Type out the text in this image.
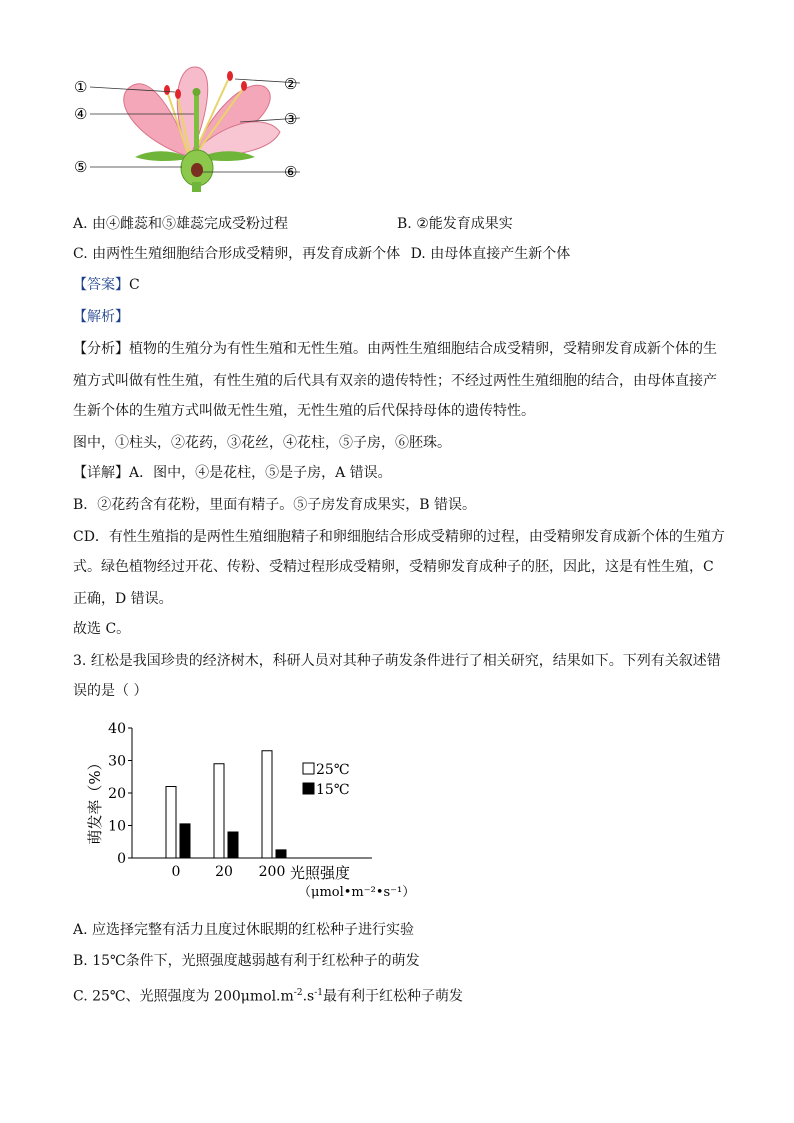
①	②
③
④
⑤	⑥
A. 由④雌蕊和⑤雄蕊完成受粉过程	B. ②能发育成果实
C. 由两性生殖细胞结合形成受精卵，再发育成新个体 D. 由母体直接产生新个体
【答案】C
【解析】
【分析】植物的生殖分为有性生殖和无性生殖。由两性生殖细胞结合成受精卵，受精卵发育成新个体的生
殖方式叫做有性生殖，有性生殖的后代具有双亲的遗传特性；不经过两性生殖细胞的结合，由母体直接产
生新个体的生殖方式叫做无性生殖，无性生殖的后代保持母体的遗传特性。
图中，①柱头，②花药，③花丝，④花柱，⑤子房，⑥胚珠。
【详解】A．图中，④是花柱，⑤是子房，A 错误。
B．②花药含有花粉，里面有精子。⑤子房发育成果实，B 错误。
CD．有性生殖指的是两性生殖细胞精子和卵细胞结合形成受精卵的过程，由受精卵发育成新个体的生殖方
式。绿色植物经过开花、传粉、受精过程形成受精卵，受精卵发育成种子的胚，因此，这是有性生殖，C
正确，D 错误。
故选 C。
3. 红松是我国珍贵的经济树木，科研人员对其种子萌发条件进行了相关研究，结果如下。下列有关叙述错
误的是（ ）
0
10
20
30
40
萌发率（%）
0 20 200 光照强度
（μmol•m⁻²•s⁻¹）
25℃
15℃
A. 应选择完整有活力且度过休眠期的红松种子进行实验
B. 15℃条件下，光照强度越弱越有利于红松种子的萌发
C. 25℃、光照强度为 $200\mu mol.m^{-2}.s^{-1}$最有利于红松种子萌发
